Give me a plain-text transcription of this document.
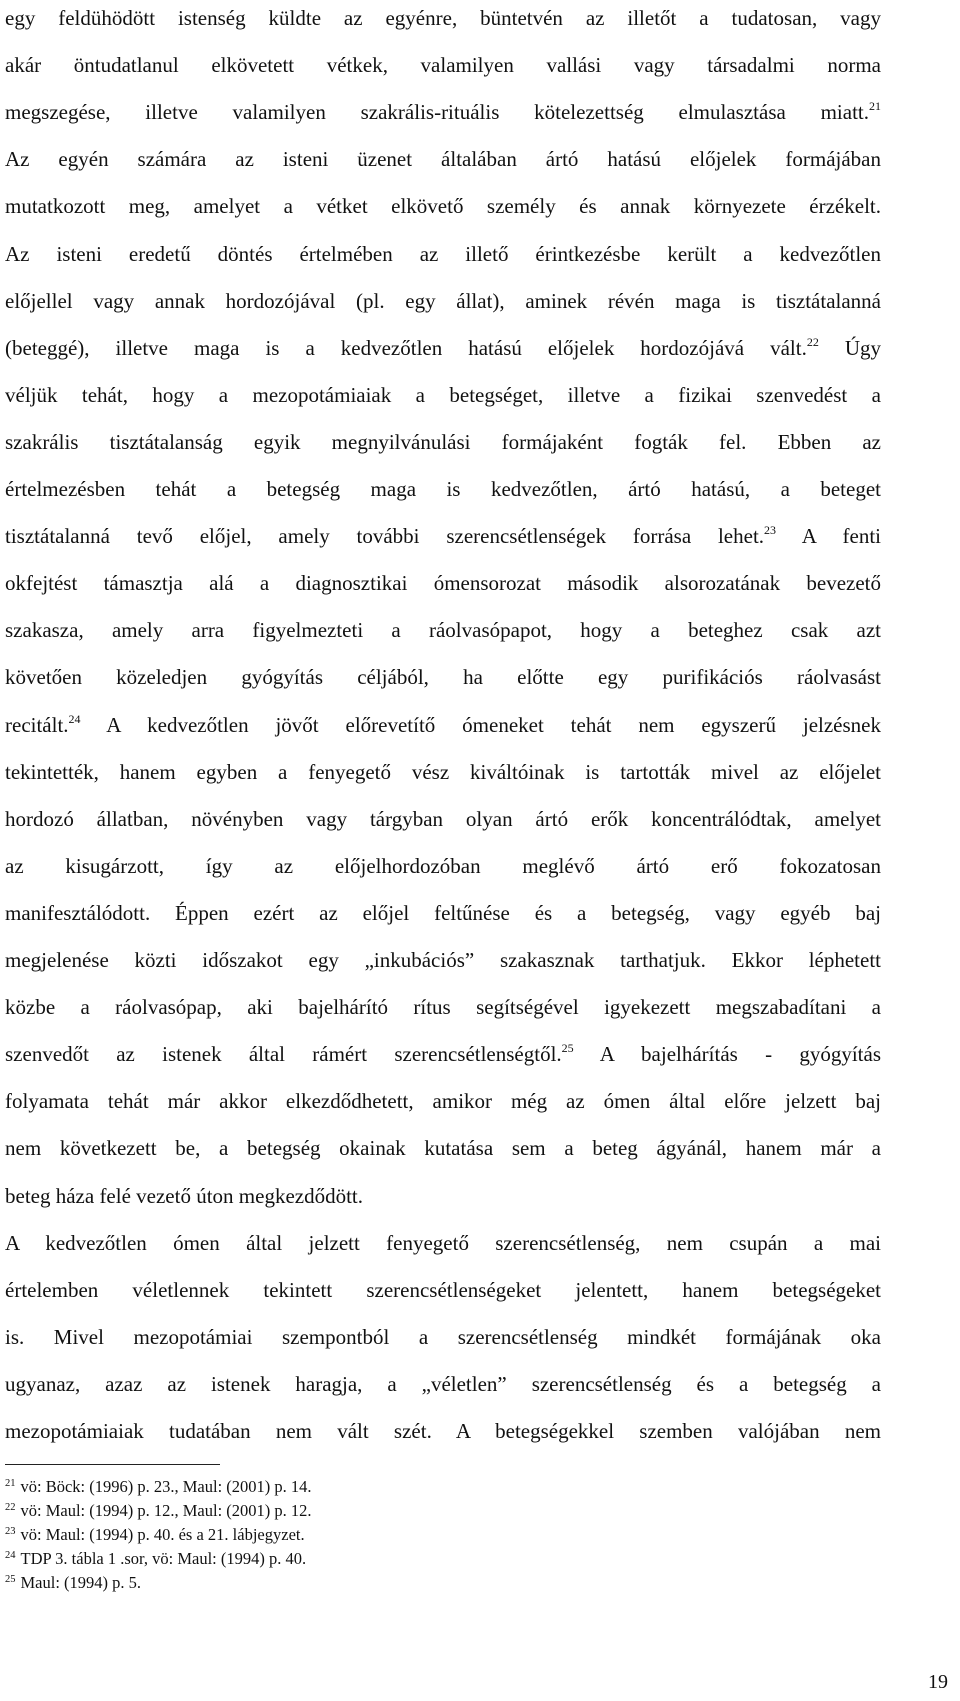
egy feldühödött istenség küldte az egyénre, büntetvén az illetőt a tudatosan, vagy
akár öntudatlanul elkövetett vétkek, valamilyen vallási vagy társadalmi norma
megszegése, illetve valamilyen szakrális-rituális kötelezettség elmulasztása miatt.$^{21}$
Az egyén számára az isteni üzenet általában ártó hatású előjelek formájában
mutatkozott meg, amelyet a vétket elkövető személy és annak környezete érzékelt.
Az isteni eredetű döntés értelmében az illető érintkezésbe került a kedvezőtlen
előjellel vagy annak hordozójával (pl. egy állat), aminek révén maga is tisztátalanná
(beteggé), illetve maga is a kedvezőtlen hatású előjelek hordozójává vált.$^{22}$ Úgy
véljük tehát, hogy a mezopotámiaiak a betegséget, illetve a fizikai szenvedést a
szakrális tisztátalanság egyik megnyilvánulási formájaként fogták fel. Ebben az
értelmezésben tehát a betegség maga is kedvezőtlen, ártó hatású, a beteget
tisztátalanná tevő előjel, amely további szerencsétlenségek forrása lehet.$^{23}$ A fenti
okfejtést támasztja alá a diagnosztikai ómensorozat második alsorozatának bevezető
szakasza, amely arra figyelmezteti a ráolvasópapot, hogy a beteghez csak azt
követően közeledjen gyógyítás céljából, ha előtte egy purifikációs ráolvasást
recitált.$^{24}$ A kedvezőtlen jövőt előrevetítő ómeneket tehát nem egyszerű jelzésnek
tekintették, hanem egyben a fenyegető vész kiváltóinak is tartották mivel az előjelet
hordozó állatban, növényben vagy tárgyban olyan ártó erők koncentrálódtak, amelyet
az kisugárzott, így az előjelhordozóban meglévő ártó erő fokozatosan
manifesztálódott. Éppen ezért az előjel feltűnése és a betegség, vagy egyéb baj
megjelenése közti időszakot egy „inkubációs” szakasznak tarthatjuk. Ekkor léphetett
közbe a ráolvasópap, aki bajelhárító rítus segítségével igyekezett megszabadítani a
szenvedőt az istenek által rámért szerencsétlenségtől.$^{25}$ A bajelhárítás - gyógyítás
folyamata tehát már akkor elkezdődhetett, amikor még az ómen által előre jelzett baj
nem következett be, a betegség okainak kutatása sem a beteg ágyánál, hanem már a
beteg háza felé vezető úton megkezdődött.
A kedvezőtlen ómen által jelzett fenyegető szerencsétlenség, nem csupán a mai
értelemben véletlennek tekintett szerencsétlenségeket jelentett, hanem betegségeket
is. Mivel mezopotámiai szempontból a szerencsétlenség mindkét formájának oka
ugyanaz, azaz az istenek haragja, a „véletlen” szerencsétlenség és a betegség a
mezopotámiaiak tudatában nem vált szét. A betegségekkel szemben valójában nem
$^{21}$ vö: Böck: (1996) p. 23., Maul: (2001) p. 14.
$^{22}$ vö: Maul: (1994) p. 12., Maul: (2001) p. 12.
$^{23}$ vö: Maul: (1994) p. 40. és a 21. lábjegyzet.
$^{24}$ TDP 3. tábla 1 .sor, vö: Maul: (1994) p. 40.
$^{25}$ Maul: (1994) p. 5.
19
